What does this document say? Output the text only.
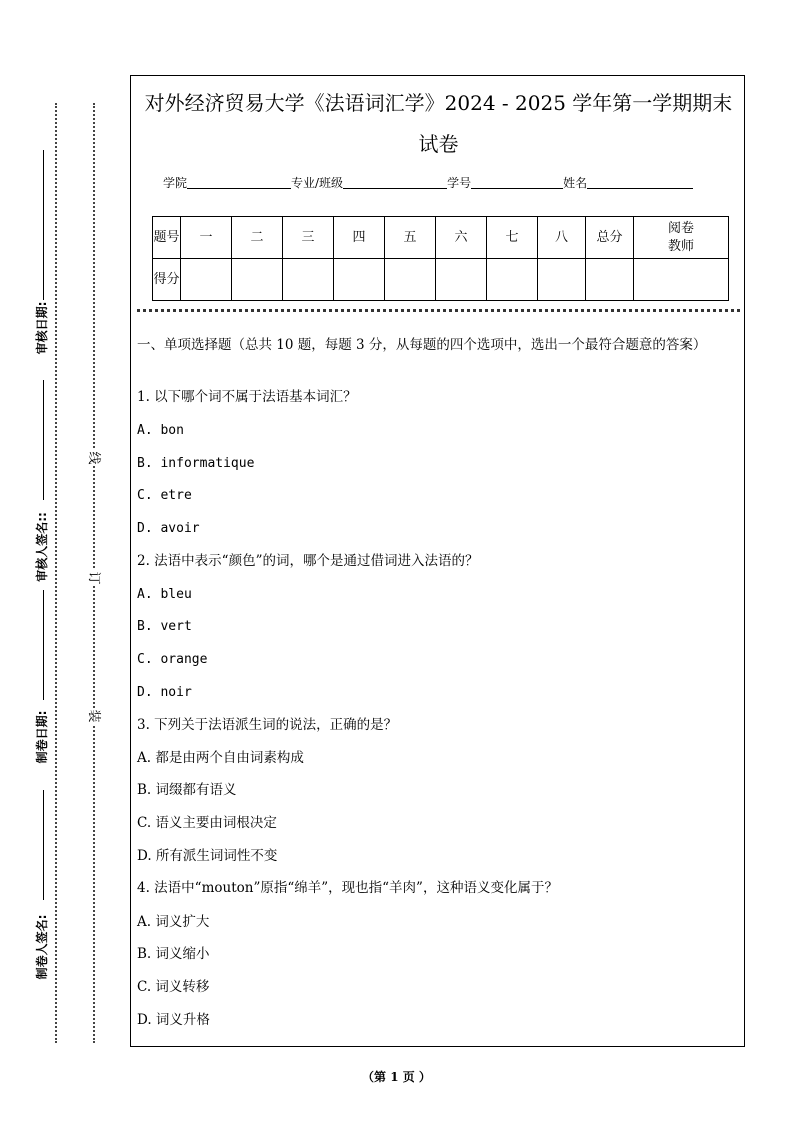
审核日期:
审核人签名::
制卷日期:
制卷人签名:
线
订
装
对外经济贸易大学《法语词汇学》2024 - 2025 学年第一学期期末
试卷
学院	专业/班级	学号	姓名
题号	一	二	三	四	五	六	七	八	总分	阅卷教师

得分										
一、单项选择题（总共 10 题，每题 3 分，从每题的四个选项中，选出一个最符合题意的答案）
1. 以下哪个词不属于法语基本词汇？
A. bon
B. informatique
C. etre
D. avoir
2. 法语中表示“颜色”的词，哪个是通过借词进入法语的？
A. bleu
B. vert
C. orange
D. noir
3. 下列关于法语派生词的说法，正确的是？
A. 都是由两个自由词素构成
B. 词缀都有语义
C. 语义主要由词根决定
D. 所有派生词词性不变
4. 法语中“mouton”原指“绵羊”，现也指“羊肉”，这种语义变化属于？
A. 词义扩大
B. 词义缩小
C. 词义转移
D. 词义升格
（第 1 页 ）
